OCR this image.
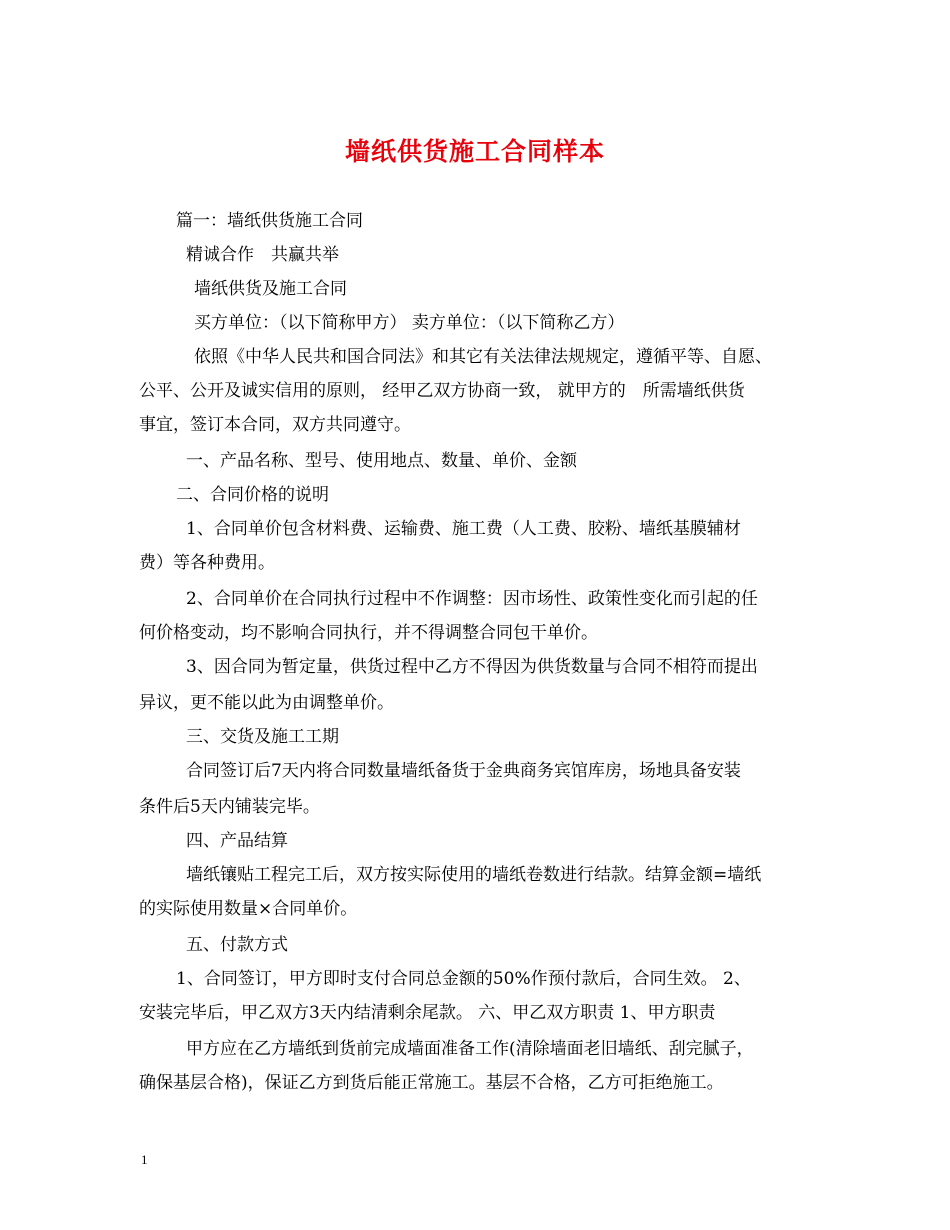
墙纸供货施工合同样本
篇一：墙纸供货施工合同
精诚合作　共赢共举
墙纸供货及施工合同
买方单位：（以下简称甲方） 卖方单位：（以下简称乙方）
依照《中华人民共和国合同法》和其它有关法律法规规定，遵循平等、自愿、
公平、公开及诚实信用的原则， 经甲乙双方协商一致， 就甲方的　所需墙纸供货
事宜，签订本合同，双方共同遵守。
一、产品名称、型号、使用地点、数量、单价、金额
二、合同价格的说明
1、合同单价包含材料费、运输费、施工费（人工费、胶粉、墙纸基膜辅材
费）等各种费用。
2、合同单价在合同执行过程中不作调整：因市场性、政策性变化而引起的任
何价格变动，均不影响合同执行，并不得调整合同包干单价。
3、因合同为暂定量，供货过程中乙方不得因为供货数量与合同不相符而提出
异议，更不能以此为由调整单价。
三、交货及施工工期
合同签订后7天内将合同数量墙纸备货于金典商务宾馆库房，场地具备安装
条件后5天内铺装完毕。
四、产品结算
墙纸镶贴工程完工后，双方按实际使用的墙纸卷数进行结款。结算金额=墙纸
的实际使用数量×合同单价。
五、付款方式
1、合同签订，甲方即时支付合同总金额的50%作预付款后，合同生效。 2、
安装完毕后，甲乙双方3天内结清剩余尾款。 六、甲乙双方职责 1、甲方职责
甲方应在乙方墙纸到货前完成墙面准备工作(清除墙面老旧墙纸、刮完腻子，
确保基层合格)，保证乙方到货后能正常施工。基层不合格，乙方可拒绝施工。
1
